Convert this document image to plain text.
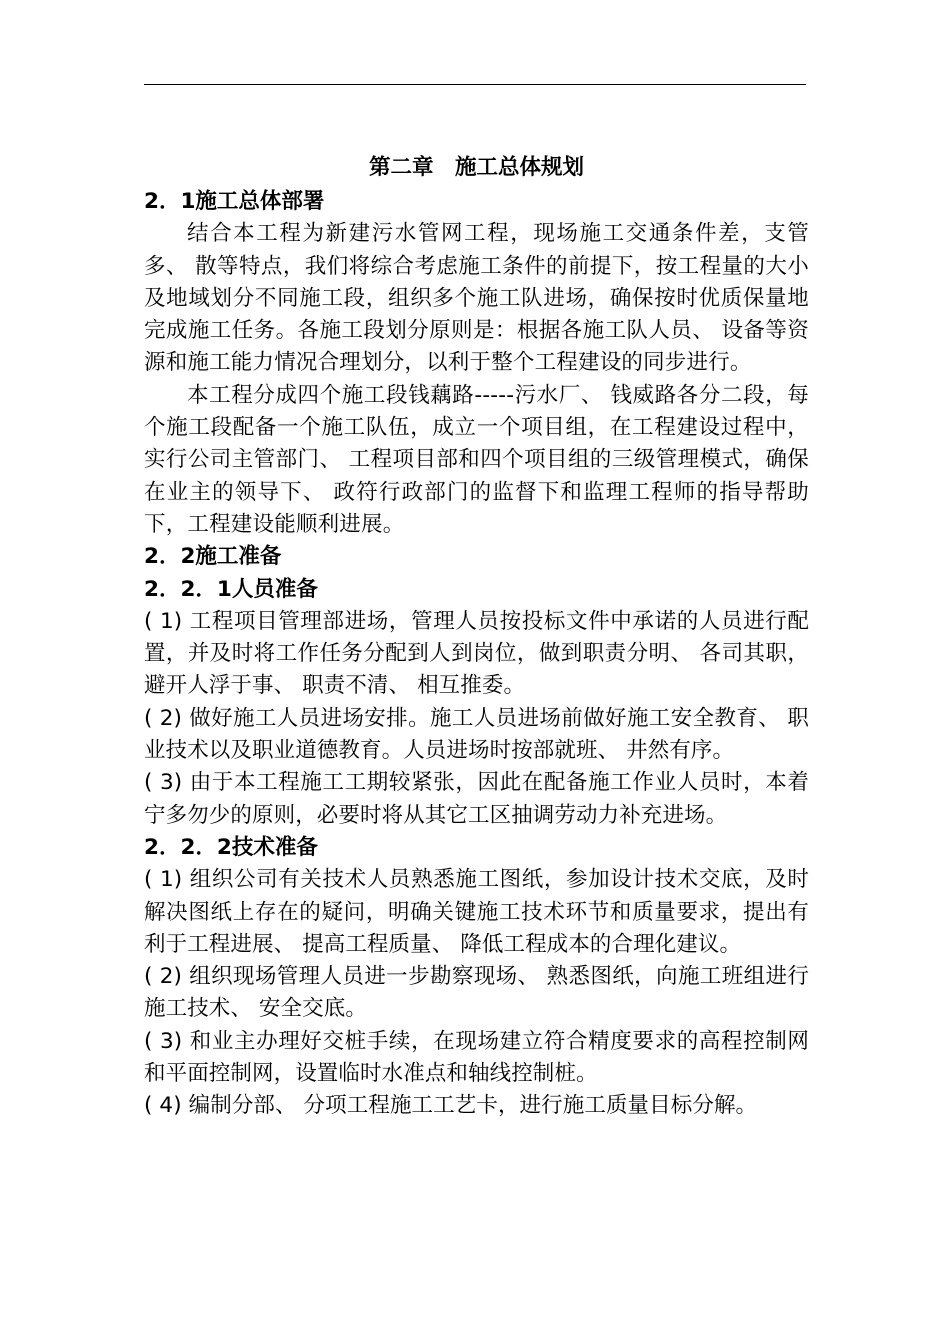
第二章　施工总体规划
2．1施工总体部署

结合本工程为新建污水管网工程，现场施工交通条件差，支管多、 散等特点，我们将综合考虑施工条件的前提下，按工程量的大小及地域划分不同施工段，组织多个施工队进场，确保按时优质保量地完成施工任务。各施工段划分原则是：根据各施工队人员、 设备等资源和施工能力情况合理划分，以利于整个工程建设的同步进行。

本工程分成四个施工段钱藕路-----污水厂、 钱威路各分二段，每个施工段配备一个施工队伍，成立一个项目组，在工程建设过程中，实行公司主管部门、 工程项目部和四个项目组的三级管理模式，确保在业主的领导下、 政符行政部门的监督下和监理工程师的指导帮助下，工程建设能顺利进展。

2．2施工准备
2．2．1人员准备

( 1) 工程项目管理部进场，管理人员按投标文件中承诺的人员进行配置，并及时将工作任务分配到人到岗位，做到职责分明、 各司其职，避开人浮于事、 职责不清、 相互推委。

( 2) 做好施工人员进场安排。施工人员进场前做好施工安全教育、 职业技术以及职业道德教育。人员进场时按部就班、 井然有序。

( 3) 由于本工程施工工期较紧张，因此在配备施工作业人员时，本着宁多勿少的原则，必要时将从其它工区抽调劳动力补充进场。

2．2．2技术准备

( 1) 组织公司有关技术人员熟悉施工图纸，参加设计技术交底，及时解决图纸上存在的疑问，明确关键施工技术环节和质量要求，提出有利于工程进展、 提高工程质量、 降低工程成本的合理化建议。

( 2) 组织现场管理人员进一步勘察现场、 熟悉图纸，向施工班组进行施工技术、 安全交底。

( 3) 和业主办理好交桩手续，在现场建立符合精度要求的高程控制网和平面控制网，设置临时水准点和轴线控制桩。

( 4) 编制分部、 分项工程施工工艺卡，进行施工质量目标分解。
